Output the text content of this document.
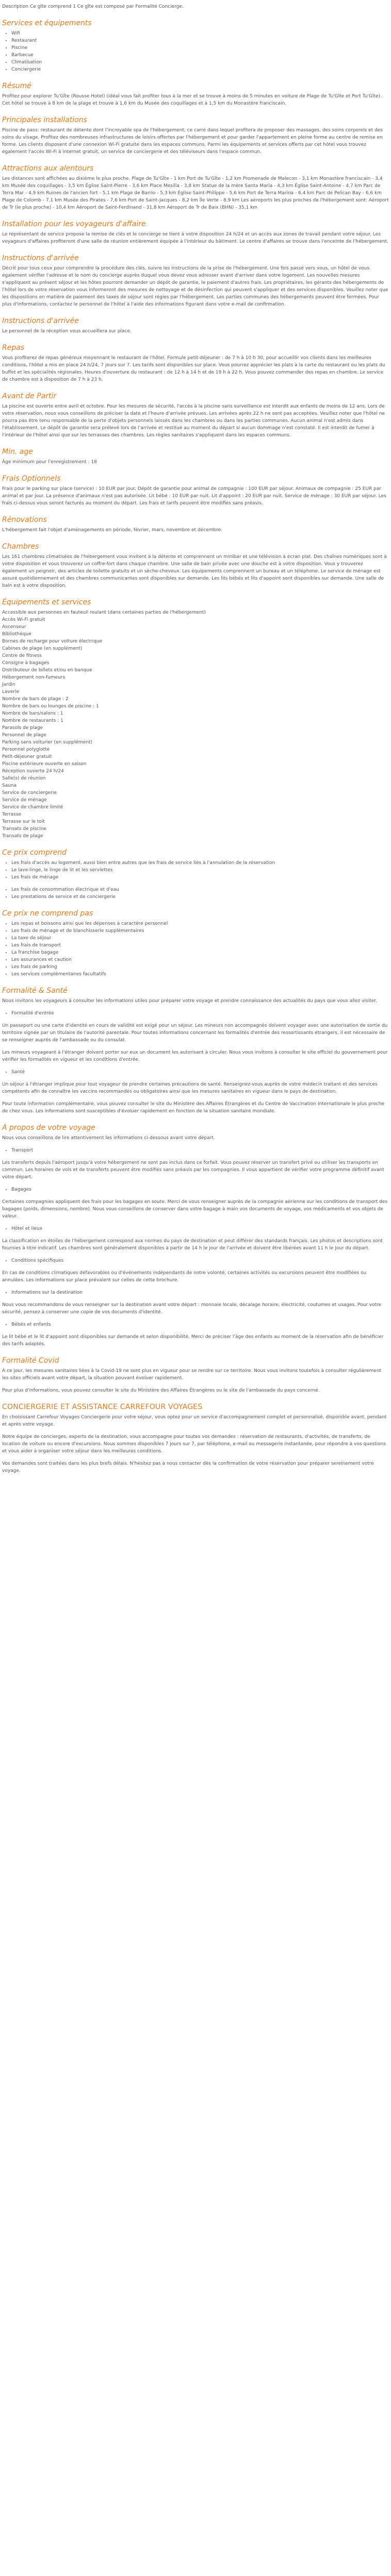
Description Ce gîte comprend 1 Ce gîte est composé par Formalité Concierge.

Services et équipements
• Wifi
• Restaurant
• Piscine
• Barbecue
• Climatisation
• Conciergerie
Résumé

Profitez pour explorer Tu'Gîte (Rousse Hotel) (idéal vous fait profiter tous à la mer et se trouve à moins de 5 minutes en voiture de Plage de Tu'Gîte et Port Tu'Gîte). Cet hôtel se trouve à 8 km de la plage et trouve à 1,6 km du Musée des coquillages et à 1,5 km du Monastère franciscain.

Principales installations

Piscine de pass: restaurant de détente dont l'incroyable spa de l'hébergement, ce carré dans lequel profitera de proposer des massages, des soins corporels et des soins du visage. Profitez des nombreuses infrastructures de loisirs offertes par l'hébergement et pour garder l'appartement en pleine forme au centre de remise en forme. Les clients disposent d'une connexion Wi-Fi gratuite dans les espaces communs. Parmi les équipements et services offerts par cet hôtel vous trouvez également l'accès Wi-Fi à internet gratuit, un service de conciergerie et des téléviseurs dans l'espace commun.

Attractions aux alentours

Les distances sont affichées au dixième le plus proche. Plage de Tu'Gîte - 1 km Port de Tu'Gîte - 1,2 km Promenade de Malecon - 3,1 km Monastère franciscain - 3,4 km Musée des coquillages - 3,5 km Église Saint-Pierre - 3,6 km Place Mesilla - 3,8 km Statue de la mère Santa Maria - 4,3 km Église Saint-Antoine - 4,7 km Parc de Terra Mar - 4,9 km Ruines de l'ancien fort - 5,1 km Plage de Barrio - 5,3 km Église Saint-Philippe - 5,6 km Port de Terra Marina - 6,4 km Parc de Pelican Bay - 6,6 km Plage de Colomb - 7,1 km Musée des Pirates - 7,6 km Port de Saint-Jacques - 8,2 km Île Verte - 8,9 km Les aéroports les plus proches de l'hébergement sont: Aéroport de Tr (le plus proche) - 10,4 km Aéroport de Saint-Ferdinand - 31,8 km Aéroport de Tr de Baix (BHN) - 35,1 km

Installation pour les voyageurs d'affaire

Le représentant de service propose la remise de clés et le concierge se tient à votre disposition 24 h/24 et un accès aux zones de travail pendant votre séjour. Les voyageurs d'affaires profiteront d'une salle de réunion entièrement équipée à l'intérieur du bâtiment. Le centre d'affaires se trouve dans l'enceinte de l'hébergement.

Instructions d'arrivée

Décrit pour tous ceux pour comprendre la procédure des clés, suivre les instructions de la prise de l'hébergement. Une fois passé vers vous, un hôtel de vous également vérifier l'adresse et le nom du concierge auprès duquel vous devez vous adresser avant d'arriver dans votre logement. Les nouvelles mesures s'appliquent au présent séjour et les hôtes pourront demander un dépôt de garantie, le paiement d'autres frais. Les propriétaires, les gérants des hébergements de l'hôtel lors de votre réservation vous informeront des mesures de nettoyage et de désinfection qui peuvent s'appliquer et des services disponibles. Veuillez noter que les dispositions en matière de paiement des taxes de séjour sont régies par l'hébergement. Les parties communes des hébergements peuvent être fermées. Pour plus d'informations, contactez le personnel de l'hôtel à l'aide des informations figurant dans votre e-mail de confirmation.

Instructions d'arrivée

Le personnel de la réception vous accueillera sur place.

Repas

Vous profiterez de repas généreux moyennant le restaurant de l'hôtel. Formule petit-déjeuner : de 7 h à 10 h 30, pour accueillir vos clients dans les meilleures conditions, l'hôtel a mis en place 24 h/24, 7 jours sur 7. Les tarifs sont disponibles sur place. Vous pourrez apprécier les plats à la carte du restaurant ou les plats du buffet et les spécialités régionales. Heures d'ouverture du restaurant : de 12 h à 14 h et de 19 h à 22 h. Vous pouvez commander des repas en chambre. Le service de chambre est à disposition de 7 h à 23 h.

Avant de Partir

La piscine est ouverte entre avril et octobre. Pour les mesures de sécurité, l'accès à la piscine sans surveillance est interdit aux enfants de moins de 12 ans. Lors de votre réservation, nous vous conseillons de préciser la date et l'heure d'arrivée prévues. Les arrivées après 22 h ne sont pas acceptées. Veuillez noter que l'hôtel ne pourra pas être tenu responsable de la perte d'objets personnels laissés dans les chambres ou dans les parties communes. Aucun animal n'est admis dans l'établissement. Le dépôt de garantie sera prélevé lors de l'arrivée et restitué au moment du départ si aucun dommage n'est constaté. Il est interdit de fumer à l'intérieur de l'hôtel ainsi que sur les terrasses des chambres. Les règles sanitaires s'appliquent dans les espaces communs.

Min. age

Âge minimum pour l'enregistrement : 18

Frais Optionnels

Frais pour le parking sur place (service) : 10 EUR par jour. Dépôt de garantie pour animal de compagnie : 100 EUR par séjour. Animaux de compagnie : 25 EUR par animal et par jour. La présence d'animaux n'est pas autorisée. Lit bébé : 10 EUR par nuit. Lit d'appoint : 20 EUR par nuit. Service de ménage : 30 EUR par séjour. Les frais ci-dessus vous seront facturés au moment du départ. Les frais et tarifs peuvent être modifiés sans préavis.

Rénovations

L'hébergement fait l'objet d'aménagements en période, février, mars, novembre et décembre.

Chambres

Les 161 chambres climatisées de l'hébergement vous invitent à la détente et comprennent un minibar et une télévision à écran plat. Des chaînes numériques sont à votre disposition et vous trouverez un coffre-fort dans chaque chambre. Une salle de bain privée avec une douche est à votre disposition. Vous y trouverez également un peignoir, des articles de toilette gratuits et un sèche-cheveux. Les équipements comprennent un bureau et un téléphone. Le service de ménage est assuré quotidiennement et des chambres communicantes sont disponibles sur demande. Les lits bébés et lits d'appoint sont disponibles sur demande. Une salle de bain est à votre disposition.

Équipements et services

Accessible aux personnes en fauteuil roulant (dans certaines parties de l'hébergement)

Accès Wi-Fi gratuit
Ascenseur
Bibliothèque
Bornes de recharge pour voiture électrique
Cabines de plage (en supplément)
Centre de fitness
Consigne à bagages
Distributeur de billets et/ou en banque
Hébergement non-fumeurs
Jardin
Laverie
Nombre de bars de plage : 2
Nombre de bars ou lounges de piscine : 1
Nombre de bars/salons : 1
Nombre de restaurants : 1
Parasols de plage
Personnel de plage
Parking sans voiturier (en supplément)
Personnel polyglotte
Petit-déjeuner gratuit
Piscine extérieure ouverte en saison
Réception ouverte 24 h/24
Salle(s) de réunion
Sauna
Service de conciergerie
Service de ménage
Service de chambre limité
Terrasse
Terrasse sur le toit
Transats de piscine
Transats de plage
Ce prix comprend
• Les frais d'accès au logement, aussi bien entre autres que les frais de service liés à l'annulation de la réservation
• Le lave-linge, le linge de lit et les serviettes
• Les frais de ménage
• Les frais de consommation électrique et d'eau
• Les prestations de service et de conciergerie
Ce prix ne comprend pas
• Les repas et boissons ainsi que les dépenses à caractère personnel
• Les frais de ménage et de blanchisserie supplémentaires
• La taxe de séjour
• Les frais de transport
• La franchise bagage
• Les assurances et caution
• Les frais de parking
• Les services complémentaires facultatifs
Formalité & Santé

Nous invitons les voyageurs à consulter les informations utiles pour préparer votre voyage et prendre connaissance des actualités du pays que vous allez visiter.

• Formalité d'entrée

Un passeport ou une carte d'identité en cours de validité est exigé pour un séjour. Les mineurs non accompagnés doivent voyager avec une autorisation de sortie du territoire signée par un titulaire de l'autorité parentale. Pour toutes informations concernant les formalités d'entrée des ressortissants étrangers, il est nécessaire de se renseigner auprès de l'ambassade ou du consulat.

Les mineurs voyageant à l'étranger doivent porter sur eux un document les autorisant à circuler. Nous vous invitons à consulter le site officiel du gouvernement pour vérifier les formalités en vigueur et les conditions d'entrée.

• Santé

Un séjour à l'étranger implique pour tout voyageur de prendre certaines précautions de santé. Renseignez-vous auprès de votre médecin traitant et des services compétents afin de connaître les vaccins recommandés ou obligatoires ainsi que les mesures sanitaires en vigueur dans le pays de destination.

Pour toute information complémentaire, vous pouvez consulter le site du Ministère des Affaires Étrangères et du Centre de Vaccination Internationale le plus proche de chez vous. Les informations sont susceptibles d'évoluer rapidement en fonction de la situation sanitaire mondiale.

À propos de votre voyage

Nous vous conseillons de lire attentivement les informations ci-dessous avant votre départ.

• Transport

Les transferts depuis l'aéroport jusqu'à votre hébergement ne sont pas inclus dans ce forfait. Vous pouvez réserver un transfert privé ou utiliser les transports en commun. Les horaires de vols et de transferts peuvent être modifiés sans préavis par les compagnies. Il vous appartient de vérifier votre programme définitif avant votre départ.

• Bagages

Certaines compagnies appliquent des frais pour les bagages en soute. Merci de vous renseigner auprès de la compagnie aérienne sur les conditions de transport des bagages (poids, dimensions, nombre). Nous vous conseillons de conserver dans votre bagage à main vos documents de voyage, vos médicaments et vos objets de valeur.

• Hôtel et lieux

La classification en étoiles de l'hébergement correspond aux normes du pays de destination et peut différer des standards français. Les photos et descriptions sont fournies à titre indicatif. Les chambres sont généralement disponibles à partir de 14 h le jour de l'arrivée et doivent être libérées avant 11 h le jour du départ.

• Conditions spécifiques

En cas de conditions climatiques défavorables ou d'événements indépendants de notre volonté, certaines activités ou excursions peuvent être modifiées ou annulées. Les informations sur place prévalent sur celles de cette brochure.

• Informations sur la destination

Nous vous recommandons de vous renseigner sur la destination avant votre départ : monnaie locale, décalage horaire, électricité, coutumes et usages. Pour votre sécurité, pensez à conserver une copie de vos documents d'identité.

• Bébés et enfants

Le lit bébé et le lit d'appoint sont disponibles sur demande et selon disponibilité. Merci de préciser l'âge des enfants au moment de la réservation afin de bénéficier des tarifs adaptés.

Formalité Covid

À ce jour, les mesures sanitaires liées à la Covid-19 ne sont plus en vigueur pour se rendre sur ce territoire. Nous vous invitons toutefois à consulter régulièrement les sites officiels avant votre départ, la situation pouvant évoluer rapidement.

Pour plus d'informations, vous pouvez consulter le site du Ministère des Affaires Étrangères ou le site de l'ambassade du pays concerné.

CONCIERGERIE ET ASSISTANCE CARREFOUR VOYAGES

En choisissant Carrefour Voyages Conciergerie pour votre séjour, vous optez pour un service d'accompagnement complet et personnalisé, disponible avant, pendant et après votre voyage.

Notre équipe de concierges, experts de la destination, vous accompagne pour toutes vos demandes : réservation de restaurants, d'activités, de transferts, de location de voiture ou encore d'excursions. Nous sommes disponibles 7 jours sur 7, par téléphone, e-mail ou messagerie instantanée, pour répondre à vos questions et vous aider à organiser votre séjour dans les meilleures conditions.

Vos demandes sont traitées dans les plus brefs délais. N'hésitez pas à nous contacter dès la confirmation de votre réservation pour préparer sereinement votre voyage.
